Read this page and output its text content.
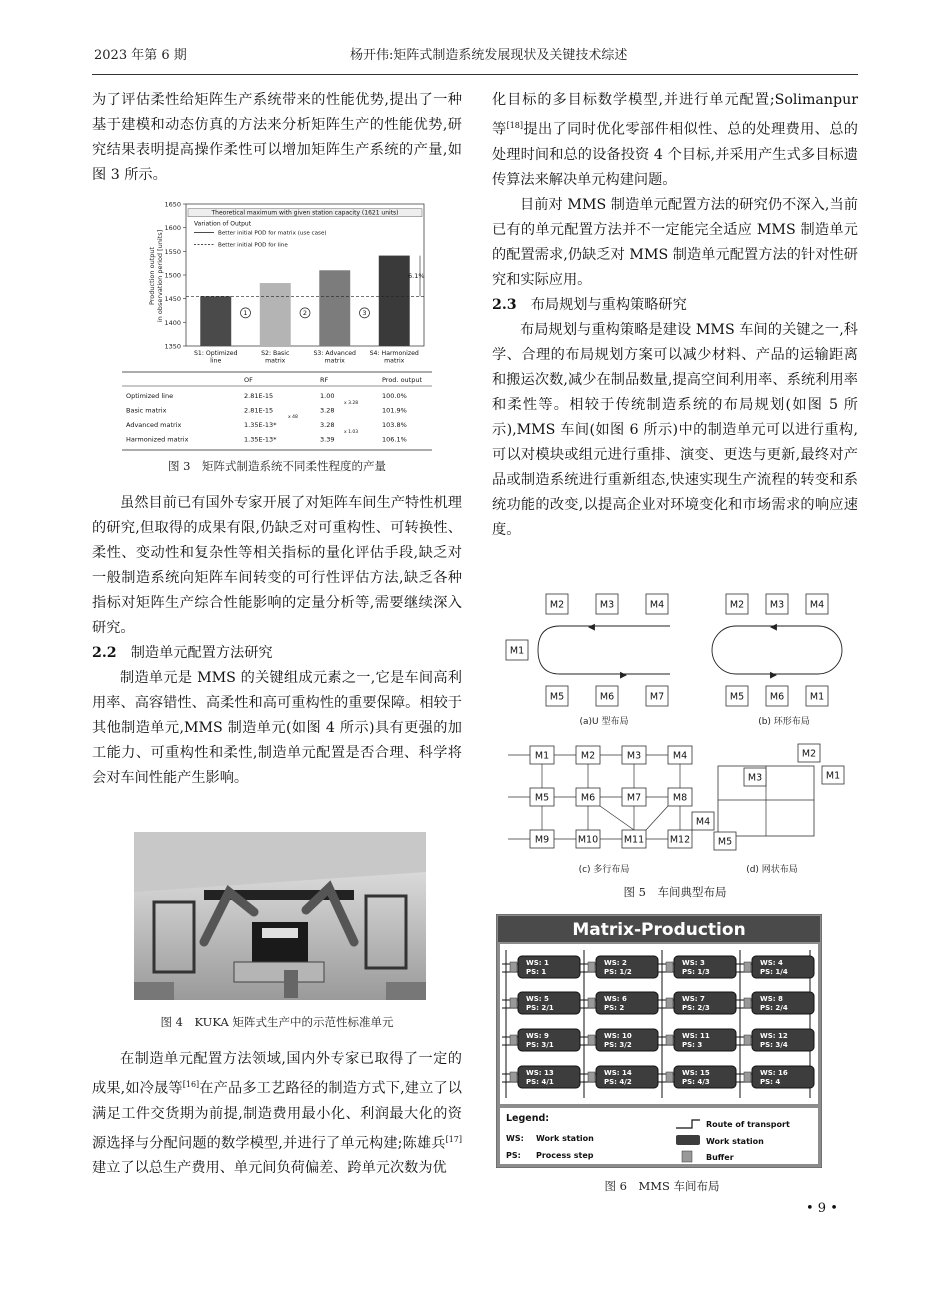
2023 年第 6 期	杨开伟:矩阵式制造系统发展现状及关键技术综述

为了评估柔性给矩阵生产系统带来的性能优势,提出了一种基于建模和动态仿真的方法来分析矩阵生产的性能优势,研究结果表明提高操作柔性可以增加矩阵生产系统的产量,如图 3 所示。

1350
1400
1450
1500
1550
1600
1650
Production outputin observation period [units]
Theoretical maximum with given station capacity (1621 units)
Variation of Output
Better initial POD for matrix (use case)
Better initial POD for line
S1: Optimized line
S2: Basic matrix
S3: Advanced matrix
S4: Harmonized matrix
1	2	3
6.1%
OF	RF	Prod. output
Optimized line	2.81E-15	1.00	100.0%
Basic matrix	2.81E-15	3.28	101.9%
Advanced matrix	1.35E-13*	3.28	103.8%
Harmonized matrix	1.35E-13*	3.39	106.1%
x 3.28
x 48
x 1.03
图 3　矩阵式制造系统不同柔性程度的产量

虽然目前已有国外专家开展了对矩阵车间生产特性机理的研究,但取得的成果有限,仍缺乏对可重构性、可转换性、柔性、变动性和复杂性等相关指标的量化评估手段,缺乏对一般制造系统向矩阵车间转变的可行性评估方法,缺乏各种指标对矩阵生产综合性能影响的定量分析等,需要继续深入研究。

2.2 制造单元配置方法研究

制造单元是 MMS 的关键组成元素之一,它是车间高利用率、高容错性、高柔性和高可重构性的重要保障。相较于其他制造单元,MMS 制造单元(如图 4 所示)具有更强的加工能力、可重构性和柔性,制造单元配置是否合理、科学将会对车间性能产生影响。

图 4　KUKA 矩阵式生产中的示范性标准单元

在制造单元配置方法领域,国内外专家已取得了一定的成果,如冷晟等[16]在产品多工艺路径的制造方式下,建立了以满足工件交货期为前提,制造费用最小化、利润最大化的资源选择与分配问题的数学模型,并进行了单元构建;陈雄兵[17]建立了以总生产费用、单元间负荷偏差、跨单元次数为优

化目标的多目标数学模型,并进行单元配置;Solimanpur 等[18]提出了同时优化零部件相似性、总的处理费用、总的处理时间和总的设备投资 4 个目标,并采用产生式多目标遗传算法来解决单元构建问题。

目前对 MMS 制造单元配置方法的研究仍不深入,当前已有的单元配置方法并不一定能完全适应 MMS 制造单元的配置需求,仍缺乏对 MMS 制造单元配置方法的针对性研究和实际应用。

2.3 布局规划与重构策略研究

布局规划与重构策略是建设 MMS 车间的关键之一,科学、合理的布局规划方案可以减少材料、产品的运输距离和搬运次数,减少在制品数量,提高空间利用率、系统利用率和柔性等。相较于传统制造系统的布局规划(如图 5 所示),MMS 车间(如图 6 所示)中的制造单元可以进行重构,可以对模块或组元进行重排、演变、更迭与更新,最终对产品或制造系统进行重新组态,快速实现生产流程的转变和系统功能的改变,以提高企业对环境变化和市场需求的响应速度。

M2	M3	M4
M1
M5	M6	M7
◀
▶
(a)U 型布局
M2	M3	M4
M5	M6	M1
◀
▶
(b) 环形布局
M1	M2	M3	M4
M5	M6	M7	M8
M9	M10	M11	M12
(c) 多行布局
M2
M3	M1
M4
M5
(d) 网状布局
图 5　车间典型布局
Matrix-Production
WS: 1
PS: 1
WS: 2
PS: 1/2
WS: 3
PS: 1/3
WS: 4
PS: 1/4
WS: 5
PS: 2/1
WS: 6
PS: 2
WS: 7
PS: 2/3
WS: 8
PS: 2/4
WS: 9
PS: 3/1
WS: 10
PS: 3/2
WS: 11
PS: 3
WS: 12
PS: 3/4
WS: 13
PS: 4/1
WS: 14
PS: 4/2
WS: 15
PS: 4/3
WS: 16
PS: 4
Legend:
WS: Work station
PS: Process step
Route of transport
Work station
Buffer
图 6　MMS 车间布局
• 9 •
